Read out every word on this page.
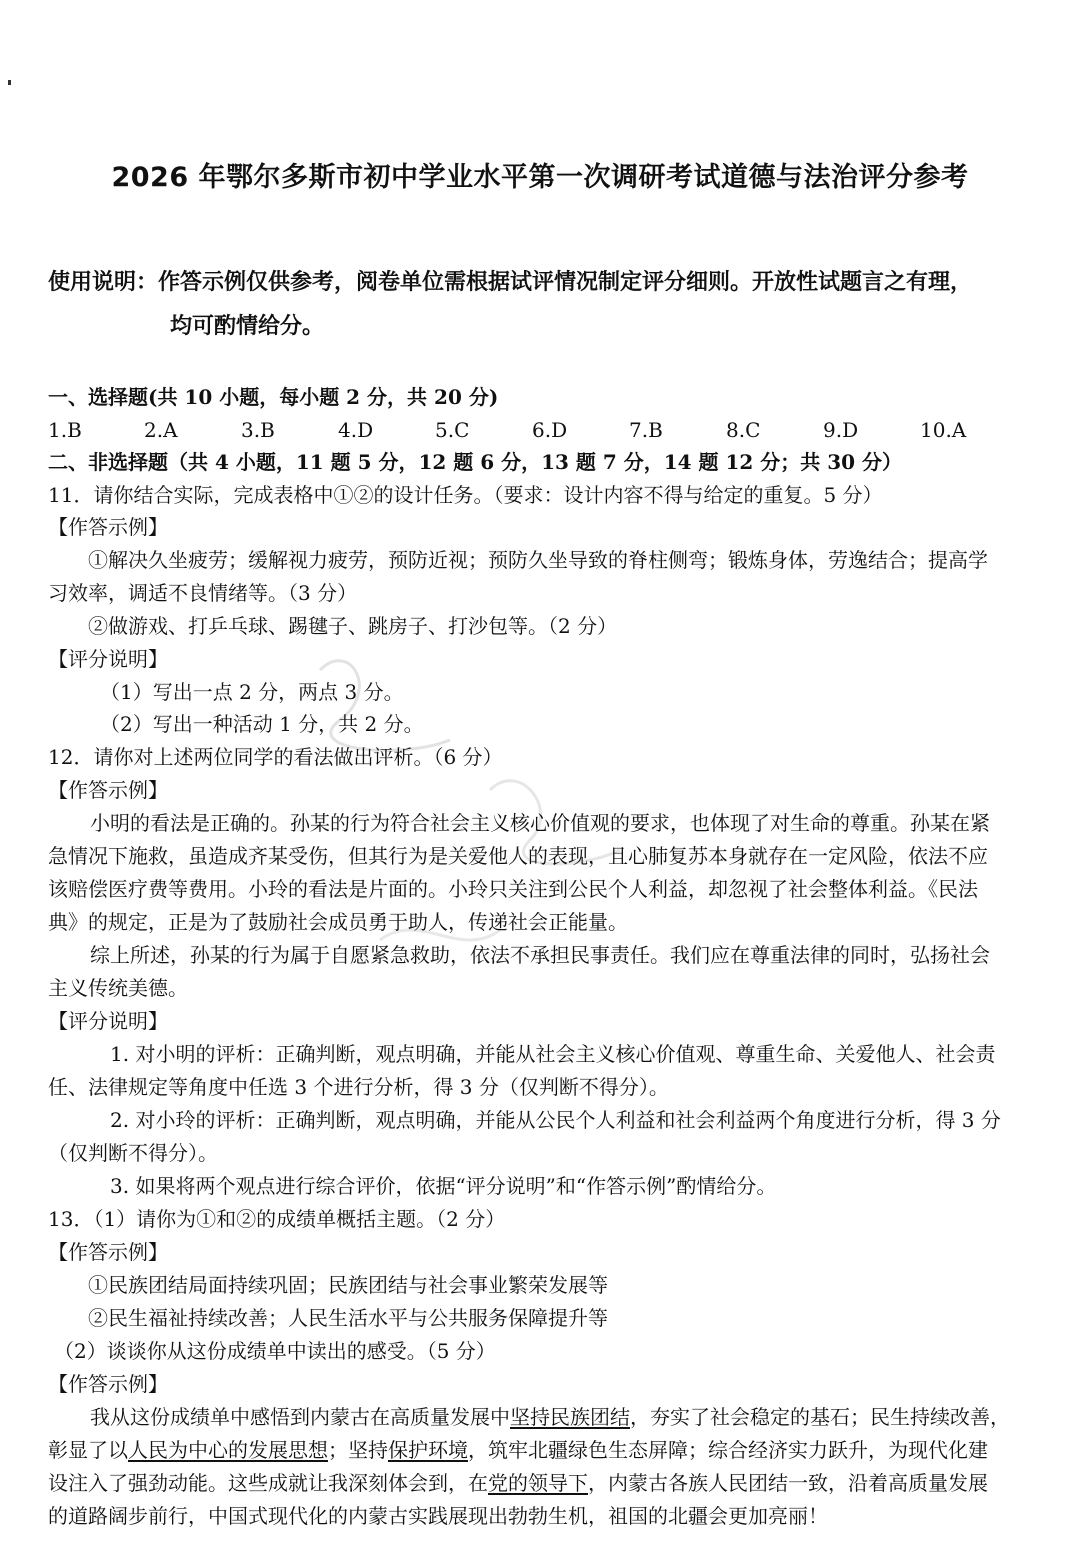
2026 年鄂尔多斯市初中学业水平第一次调研考试道德与法治评分参考
使用说明：作答示例仅供参考，阅卷单位需根据试评情况制定评分细则。开放性试题言之有理，
均可酌情给分。
一、选择题(共 10 小题，每小题 2 分，共 20 分)
1.B	2.A	3.B	4.D	5.C	6.D	7.B	8.C	9.D	10.A
二、非选择题（共 4 小题，11 题 5 分，12 题 6 分，13 题 7 分，14 题 12 分；共 30 分）
11．请你结合实际，完成表格中①②的设计任务。（要求：设计内容不得与给定的重复。5 分）
【作答示例】
①解决久坐疲劳；缓解视力疲劳，预防近视；预防久坐导致的脊柱侧弯；锻炼身体，劳逸结合；提高学
习效率，调适不良情绪等。（3 分）
②做游戏、打乒乓球、踢毽子、跳房子、打沙包等。（2 分）
【评分说明】
（1）写出一点 2 分，两点 3 分。
（2）写出一种活动 1 分，共 2 分。
12．请你对上述两位同学的看法做出评析。（6 分）
【作答示例】
小明的看法是正确的。孙某的行为符合社会主义核心价值观的要求，也体现了对生命的尊重。孙某在紧
急情况下施救，虽造成齐某受伤，但其行为是关爱他人的表现，且心肺复苏本身就存在一定风险，依法不应
该赔偿医疗费等费用。小玲的看法是片面的。小玲只关注到公民个人利益，却忽视了社会整体利益。《民法
典》的规定，正是为了鼓励社会成员勇于助人，传递社会正能量。
综上所述，孙某的行为属于自愿紧急救助，依法不承担民事责任。我们应在尊重法律的同时，弘扬社会
主义传统美德。
【评分说明】
1. 对小明的评析：正确判断，观点明确，并能从社会主义核心价值观、尊重生命、关爱他人、社会责
任、法律规定等角度中任选 3 个进行分析，得 3 分（仅判断不得分）。
2. 对小玲的评析：正确判断，观点明确，并能从公民个人利益和社会利益两个角度进行分析，得 3 分
（仅判断不得分）。
3. 如果将两个观点进行综合评价，依据“评分说明”和“作答示例”酌情给分。
13．（1）请你为①和②的成绩单概括主题。（2 分）
【作答示例】
①民族团结局面持续巩固；民族团结与社会事业繁荣发展等
②民生福祉持续改善；人民生活水平与公共服务保障提升等
（2）谈谈你从这份成绩单中读出的感受。（5 分）
【作答示例】
我从这份成绩单中感悟到内蒙古在高质量发展中坚持民族团结，夯实了社会稳定的基石；民生持续改善，
彰显了以人民为中心的发展思想；坚持保护环境，筑牢北疆绿色生态屏障；综合经济实力跃升，为现代化建
设注入了强劲动能。这些成就让我深刻体会到，在党的领导下，内蒙古各族人民团结一致，沿着高质量发展
的道路阔步前行，中国式现代化的内蒙古实践展现出勃勃生机，祖国的北疆会更加亮丽！
